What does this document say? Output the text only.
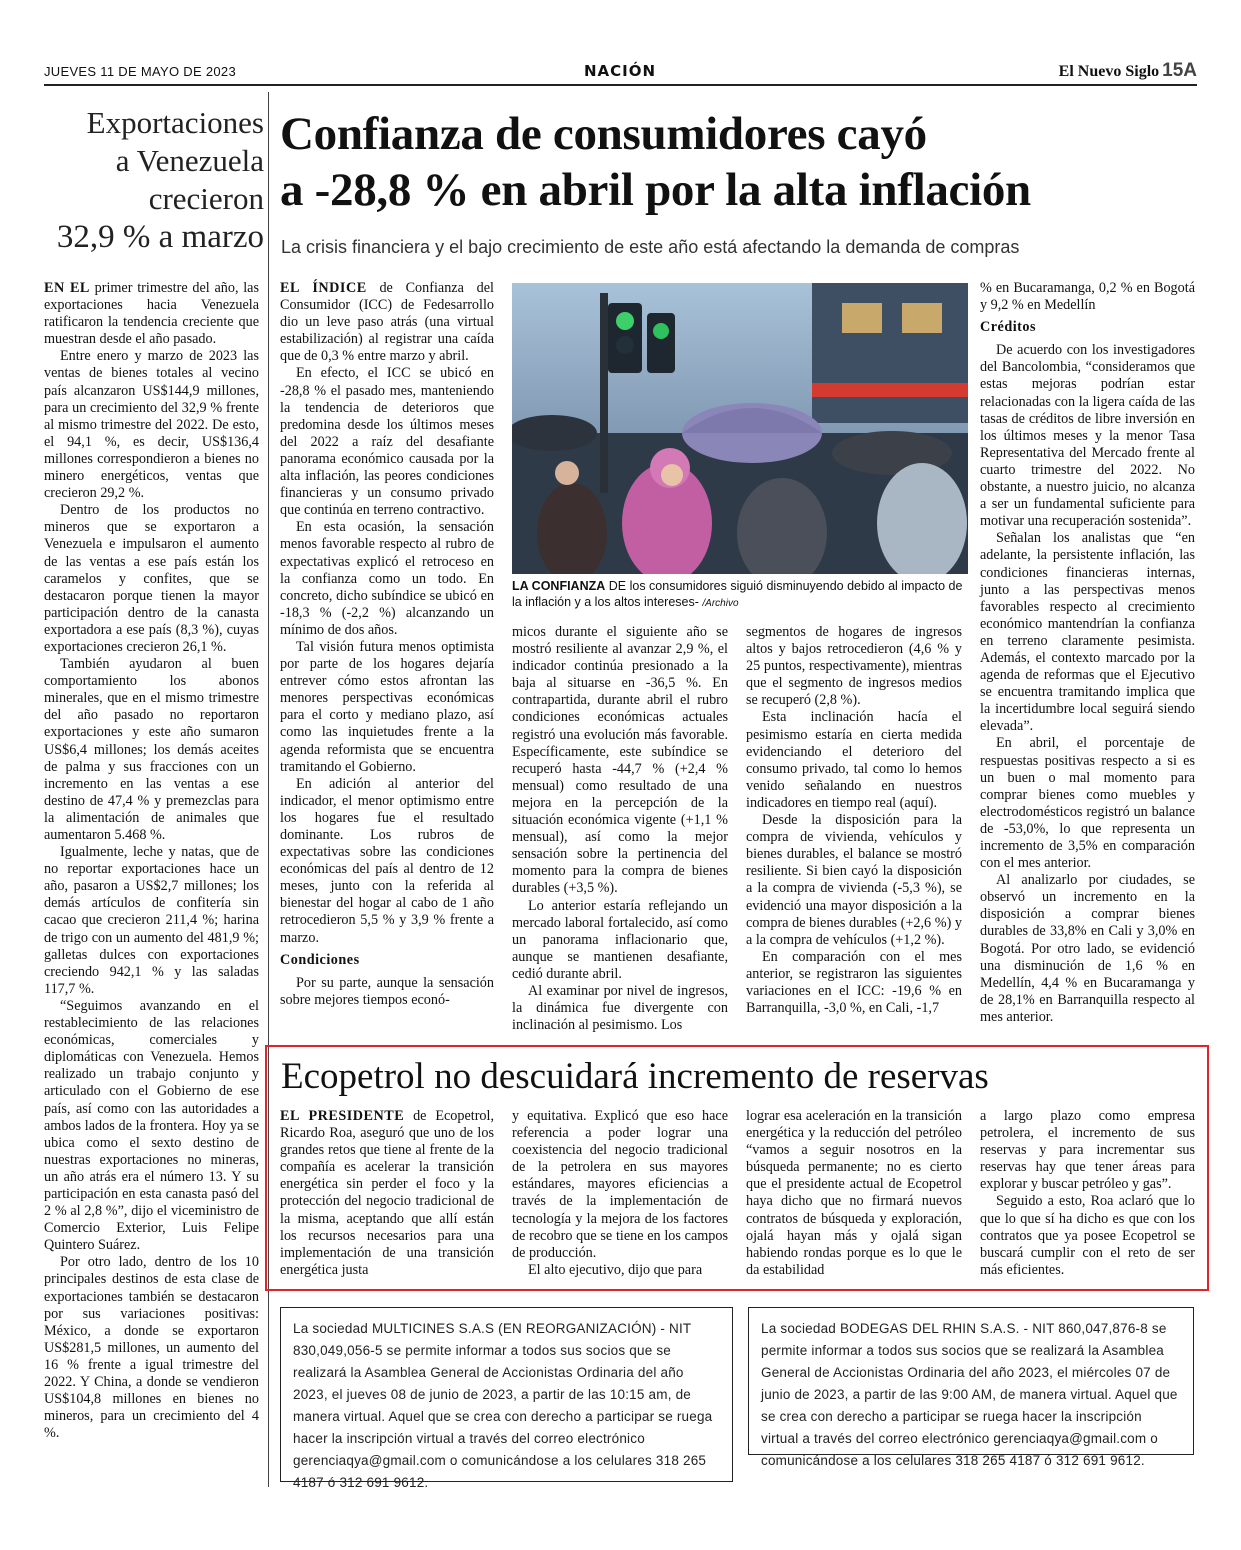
JUEVES 11 DE MAYO DE 2023	NACIÓN	El Nuevo Siglo 15A
Exportaciones
a Venezuela
crecieron
32,9 % a marzo

EN EL primer trimestre del año, las exportaciones hacia Venezuela ratificaron la tendencia creciente que muestran desde el año pasado.

Entre enero y marzo de 2023 las ventas de bienes totales al vecino país alcanzaron US$144,9 millones, para un crecimiento del 32,9 % frente al mismo trimestre del 2022. De esto, el 94,1 %, es decir, US$136,4 millones correspondieron a bienes no minero energéticos, ventas que crecieron 29,2 %.

Dentro de los productos no mineros que se exportaron a Venezuela e impulsaron el aumento de las ventas a ese país están los caramelos y confites, que se destacaron porque tienen la mayor participación dentro de la canasta exportadora a ese país (8,3 %), cuyas exportaciones crecieron 26,1 %.

También ayudaron al buen comportamiento los abonos minerales, que en el mismo trimestre del año pasado no reportaron exportaciones y este año sumaron US$6,4 millones; los demás aceites de palma y sus fracciones con un incremento en las ventas a ese destino de 47,4 % y premezclas para la alimentación de animales que aumentaron 5.468 %.

Igualmente, leche y natas, que de no reportar exportaciones hace un año, pasaron a US$2,7 millones; los demás artículos de confitería sin cacao que crecieron 211,4 %; harina de trigo con un aumento del 481,9 %; galletas dulces con exportaciones creciendo 942,1 % y las saladas 117,7 %.

“Seguimos avanzando en el restablecimiento de las relaciones económicas, comerciales y diplomáticas con Venezuela. Hemos realizado un trabajo conjunto y articulado con el Gobierno de ese país, así como con las autoridades a ambos lados de la frontera. Hoy ya se ubica como el sexto destino de nuestras exportaciones no mineras, un año atrás era el número 13. Y su participación en esta canasta pasó del 2 % al 2,8 %”, dijo el viceministro de Comercio Exterior, Luis Felipe Quintero Suárez.

Por otro lado, dentro de los 10 principales destinos de esta clase de exportaciones también se destacaron por sus variaciones positivas: México, a donde se exportaron US$281,5 millones, un aumento del 16 % frente a igual trimestre del 2022. Y China, a donde se vendieron US$104,8 millones en bienes no mineros, para un crecimiento del 4 %.

Confianza de consumidores cayó
a -28,8 % en abril por la alta inflación
La crisis financiera y el bajo crecimiento de este año está afectando la demanda de compras

EL ÍNDICE de Confianza del Consumidor (ICC) de Fedesarrollo dio un leve paso atrás (una virtual estabilización) al registrar una caída que de 0,3 % entre marzo y abril.

En efecto, el ICC se ubicó en -28,8 % el pasado mes, manteniendo la tendencia de deterioros que predomina desde los últimos meses del 2022 a raíz del desafiante panorama económico causada por la alta inflación, las peores condiciones financieras y un consumo privado que continúa en terreno contractivo.

En esta ocasión, la sensación menos favorable respecto al rubro de expectativas explicó el retroceso en la confianza como un todo. En concreto, dicho subíndice se ubicó en -18,3 % (-2,2 %) alcanzando un mínimo de dos años.

Tal visión futura menos optimista por parte de los hogares dejaría entrever cómo estos afrontan las menores perspectivas económicas para el corto y mediano plazo, así como las inquietudes frente a la agenda reformista que se encuentra tramitando el Gobierno.

En adición al anterior del indicador, el menor optimismo entre los hogares fue el resultado dominante. Los rubros de expectativas sobre las condiciones económicas del país al dentro de 12 meses, junto con la referida al bienestar del hogar al cabo de 1 año retrocedieron 5,5 % y 3,9 % frente a marzo.

Condiciones

Por su parte, aunque la sensación sobre mejores tiempos econó-

LA CONFIANZA DE los consumidores siguió disminuyendo debido al impacto de la inflación y a los altos intereses- /Archivo

micos durante el siguiente año se mostró resiliente al avanzar 2,9 %, el indicador continúa presionado a la baja al situarse en -36,5 %. En contrapartida, durante abril el rubro condiciones económicas actuales registró una evolución más favorable. Específicamente, este subíndice se recuperó hasta -44,7 % (+2,4 % mensual) como resultado de una mejora en la percepción de la situación económica vigente (+1,1 % mensual), así como la mejor sensación sobre la pertinencia del momento para la compra de bienes durables (+3,5 %).

Lo anterior estaría reflejando un mercado laboral fortalecido, así como un panorama inflacionario que, aunque se mantienen desafiante, cedió durante abril.

Al examinar por nivel de ingresos, la dinámica fue divergente con inclinación al pesimismo. Los

segmentos de hogares de ingresos altos y bajos retrocedieron (4,6 % y 25 puntos, respectivamente), mientras que el segmento de ingresos medios se recuperó (2,8 %).

Esta inclinación hacía el pesimismo estaría en cierta medida evidenciando el deterioro del consumo privado, tal como lo hemos venido señalando en nuestros indicadores en tiempo real (aquí).

Desde la disposición para la compra de vivienda, vehículos y bienes durables, el balance se mostró resiliente. Si bien cayó la disposición a la compra de vivienda (-5,3 %), se evidenció una mayor disposición a la compra de bienes durables (+2,6 %) y a la compra de vehículos (+1,2 %).

En comparación con el mes anterior, se registraron las siguientes variaciones en el ICC: -19,6 % en Barranquilla, -3,0 %, en Cali, -1,7

% en Bucaramanga, 0,2 % en Bogotá y 9,2 % en Medellín

Créditos

De acuerdo con los investigadores del Bancolombia, “consideramos que estas mejoras podrían estar relacionadas con la ligera caída de las tasas de créditos de libre inversión en los últimos meses y la menor Tasa Representativa del Mercado frente al cuarto trimestre del 2022. No obstante, a nuestro juicio, no alcanza a ser un fundamental suficiente para motivar una recuperación sostenida”.

Señalan los analistas que “en adelante, la persistente inflación, las condiciones financieras internas, junto a las perspectivas menos favorables respecto al crecimiento económico mantendrían la confianza en terreno claramente pesimista. Además, el contexto marcado por la agenda de reformas que el Ejecutivo se encuentra tramitando implica que la incertidumbre local seguirá siendo elevada”.

En abril, el porcentaje de respuestas positivas respecto a si es un buen o mal momento para comprar bienes como muebles y electrodomésticos registró un balance de -53,0%, lo que representa un incremento de 3,5% en comparación con el mes anterior.

Al analizarlo por ciudades, se observó un incremento en la disposición a comprar bienes durables de 33,8% en Cali y 3,0% en Bogotá. Por otro lado, se evidenció una disminución de 1,6 % en Medellín, 4,4 % en Bucaramanga y de 28,1% en Barranquilla respecto al mes anterior.

Ecopetrol no descuidará incremento de reservas

EL PRESIDENTE de Ecopetrol, Ricardo Roa, aseguró que uno de los grandes retos que tiene al frente de la compañía es acelerar la transición energética sin perder el foco y la protección del negocio tradicional de la misma, aceptando que allí están los recursos necesarios para una implementación de una transición energética justa

y equitativa. Explicó que eso hace referencia a poder lograr una coexistencia del negocio tradicional de la petrolera en sus mayores estándares, mayores eficiencias a través de la implementación de tecnología y la mejora de los factores de recobro que se tiene en los campos de producción.

El alto ejecutivo, dijo que para

lograr esa aceleración en la transición energética y la reducción del petróleo “vamos a seguir nosotros en la búsqueda permanente; no es cierto que el presidente actual de Ecopetrol haya dicho que no firmará nuevos contratos de búsqueda y exploración, ojalá hayan más y ojalá sigan habiendo rondas porque es lo que le da estabilidad

a largo plazo como empresa petrolera, el incremento de sus reservas y para incrementar sus reservas hay que tener áreas para explorar y buscar petróleo y gas”.

Seguido a esto, Roa aclaró que lo que lo que sí ha dicho es que con los contratos que ya posee Ecopetrol se buscará cumplir con el reto de ser más eficientes.

La sociedad MULTICINES S.A.S (EN REORGANIZACIÓN) - NIT 830,049,056-5 se permite informar a todos sus socios que se realizará la Asamblea General de Accionistas Ordinaria del año 2023, el jueves 08 de junio de 2023, a partir de las 10:15 am, de manera virtual. Aquel que se crea con derecho a participar se ruega hacer la inscripción virtual a través del correo electrónico gerenciaqya@gmail.com o comunicándose a los celulares 318 265 4187 ó 312 691 9612.
La sociedad BODEGAS DEL RHIN S.A.S. - NIT 860,047,876-8 se permite informar a todos sus socios que se realizará la Asamblea General de Accionistas Ordinaria del año 2023, el miércoles 07 de junio de 2023, a partir de las 9:00 AM, de manera virtual. Aquel que se crea con derecho a participar se ruega hacer la inscripción virtual a través del correo electrónico gerenciaqya@gmail.com o comunicándose a los celulares 318 265 4187 ó 312 691 9612.
